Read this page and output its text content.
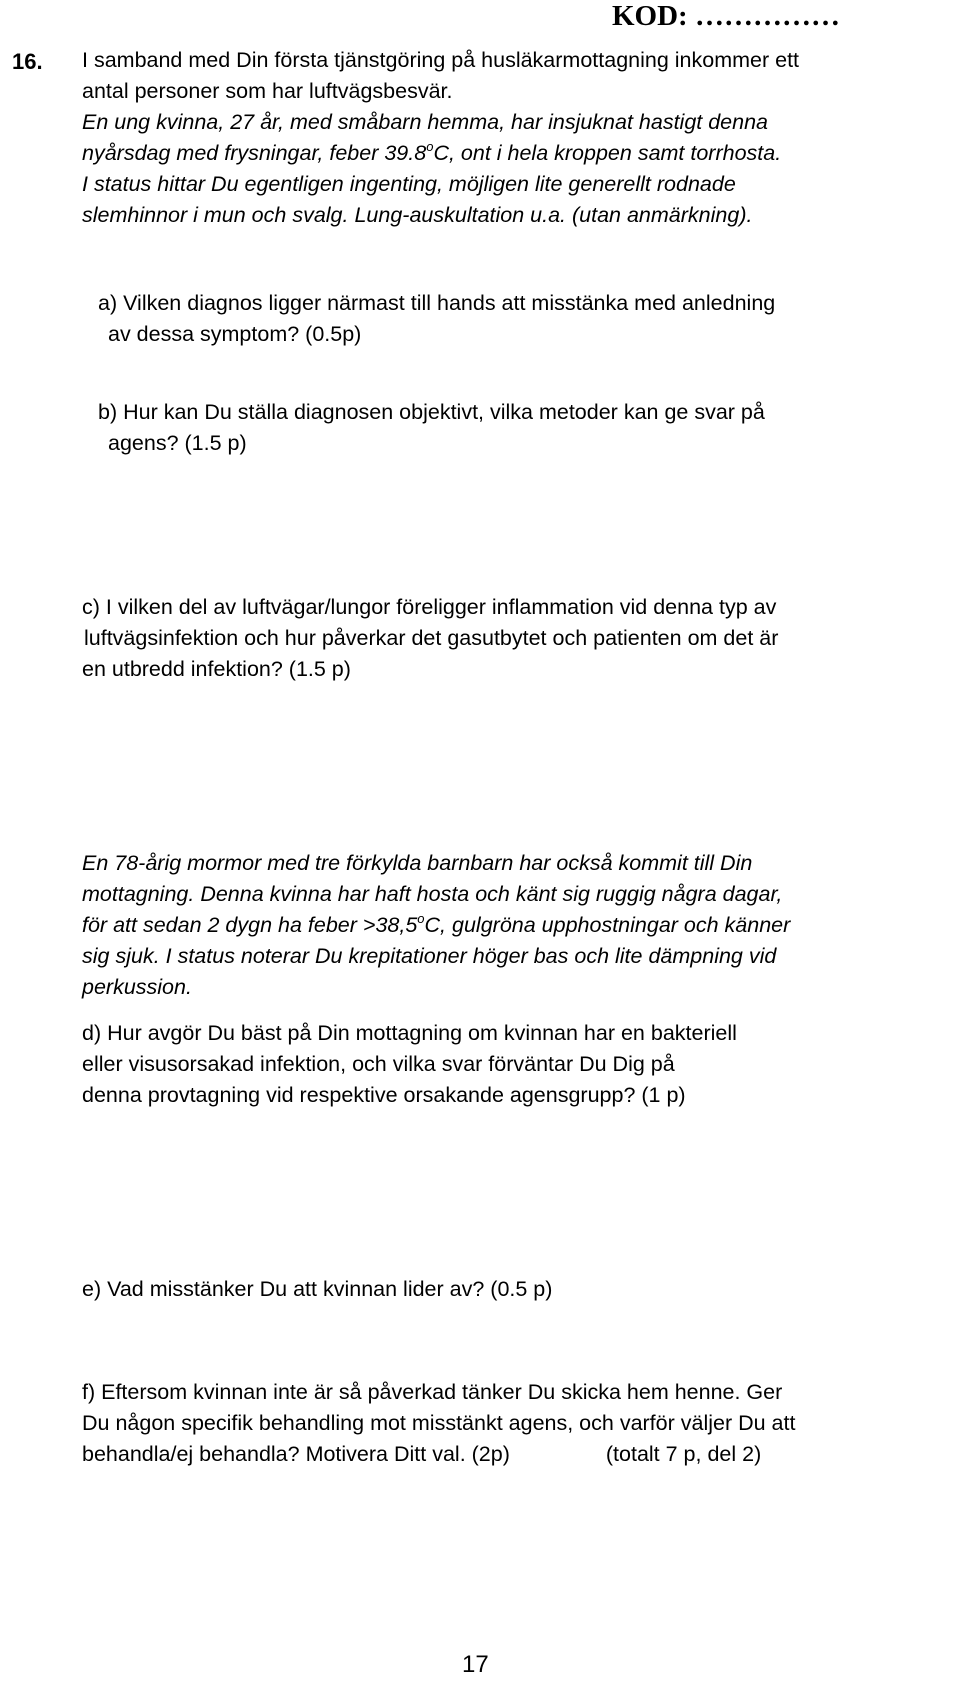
KOD: ……………
16. I samband med Din första tjänstgöring på husläkarmottagning inkommer ett
antal personer som har luftvägsbesvär.
En ung kvinna, 27 år, med småbarn hemma, har insjuknat hastigt denna
nyårsdag med frysningar, feber 39.8$^o$C, ont i hela kroppen samt torrhosta.
I status hittar Du egentligen ingenting, möjligen lite generellt rodnade
slemhinnor i mun och svalg. Lung-auskultation u.a. (utan anmärkning).
a) Vilken diagnos ligger närmast till hands att misstänka med anledning
av dessa symptom? (0.5p)
b) Hur kan Du ställa diagnosen objektivt, vilka metoder kan ge svar på
agens? (1.5 p)
c) I vilken del av luftvägar/lungor föreligger inflammation vid denna typ av
luftvägsinfektion och hur påverkar det gasutbytet och patienten om det är
en utbredd infektion? (1.5 p)
En 78-årig mormor med tre förkylda barnbarn har också kommit till Din
mottagning. Denna kvinna har haft hosta och känt sig ruggig några dagar,
för att sedan 2 dygn ha feber $>38,5^oC$, gulgröna upphostningar och känner
sig sjuk. I status noterar Du krepitationer höger bas och lite dämpning vid
perkussion.
d) Hur avgör Du bäst på Din mottagning om kvinnan har en bakteriell
eller visusorsakad infektion, och vilka svar förväntar Du Dig på
denna provtagning vid respektive orsakande agensgrupp? (1 p)
e) Vad misstänker Du att kvinnan lider av? (0.5 p)
f) Eftersom kvinnan inte är så påverkad tänker Du skicka hem henne. Ger
Du någon specifik behandling mot misstänkt agens, och varför väljer Du att
behandla/ej behandla? Motivera Ditt val. (2p)	(totalt 7 p, del 2)
17
